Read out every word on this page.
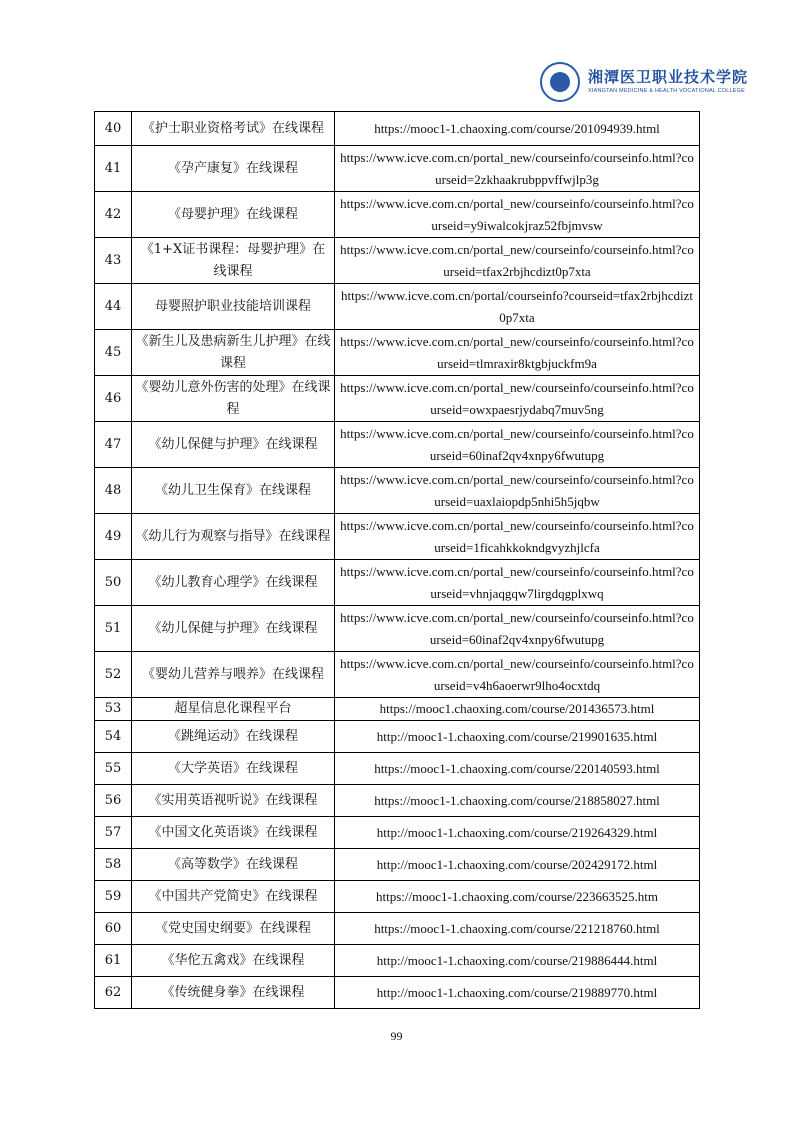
湘潭医卫职业技术学院
XIANGTAN MEDICINE & HEALTH VOCATIONAL COLLEGE
40	《护士职业资格考试》在线课程	https://mooc1-1.chaoxing.com/course/201094939.html
41	《孕产康复》在线课程	https://www.icve.com.cn/portal_new/courseinfo/courseinfo.html?courseid=2zkhaakrubppvffwjlp3g
42	《母婴护理》在线课程	https://www.icve.com.cn/portal_new/courseinfo/courseinfo.html?courseid=y9iwalcokjraz52fbjmvsw
43	《1+X证书课程：母婴护理》在线课程	https://www.icve.com.cn/portal_new/courseinfo/courseinfo.html?courseid=tfax2rbjhcdizt0p7xta
44	母婴照护职业技能培训课程	https://www.icve.com.cn/portal/courseinfo?courseid=tfax2rbjhcdizt0p7xta
45	《新生儿及患病新生儿护理》在线课程	https://www.icve.com.cn/portal_new/courseinfo/courseinfo.html?courseid=tlmraxir8ktgbjuckfm9a
46	《婴幼儿意外伤害的处理》在线课程	https://www.icve.com.cn/portal_new/courseinfo/courseinfo.html?courseid=owxpaesrjydabq7muv5ng
47	《幼儿保健与护理》在线课程	https://www.icve.com.cn/portal_new/courseinfo/courseinfo.html?courseid=60inaf2qv4xnpy6fwutupg
48	《幼儿卫生保育》在线课程	https://www.icve.com.cn/portal_new/courseinfo/courseinfo.html?courseid=uaxlaiopdp5nhi5h5jqbw
49	《幼儿行为观察与指导》在线课程	https://www.icve.com.cn/portal_new/courseinfo/courseinfo.html?courseid=1ficahkkokndgvyzhjlcfa
50	《幼儿教育心理学》在线课程	https://www.icve.com.cn/portal_new/courseinfo/courseinfo.html?courseid=vhnjaqgqw7lirgdqgplxwq
51	《幼儿保健与护理》在线课程	https://www.icve.com.cn/portal_new/courseinfo/courseinfo.html?courseid=60inaf2qv4xnpy6fwutupg
52	《婴幼儿营养与喂养》在线课程	https://www.icve.com.cn/portal_new/courseinfo/courseinfo.html?courseid=v4h6aoerwr9lho4ocxtdq
53	超星信息化课程平台	https://mooc1.chaoxing.com/course/201436573.html
54	《跳绳运动》在线课程	http://mooc1-1.chaoxing.com/course/219901635.html
55	《大学英语》在线课程	https://mooc1-1.chaoxing.com/course/220140593.html
56	《实用英语视听说》在线课程	https://mooc1-1.chaoxing.com/course/218858027.html
57	《中国文化英语谈》在线课程	http://mooc1-1.chaoxing.com/course/219264329.html
58	《高等数学》在线课程	http://mooc1-1.chaoxing.com/course/202429172.html
59	《中国共产党简史》在线课程	https://mooc1-1.chaoxing.com/course/223663525.htm
60	《党史国史纲要》在线课程	https://mooc1-1.chaoxing.com/course/221218760.html
61	《华佗五禽戏》在线课程	http://mooc1-1.chaoxing.com/course/219886444.html
62	《传统健身拳》在线课程	http://mooc1-1.chaoxing.com/course/219889770.html
99
